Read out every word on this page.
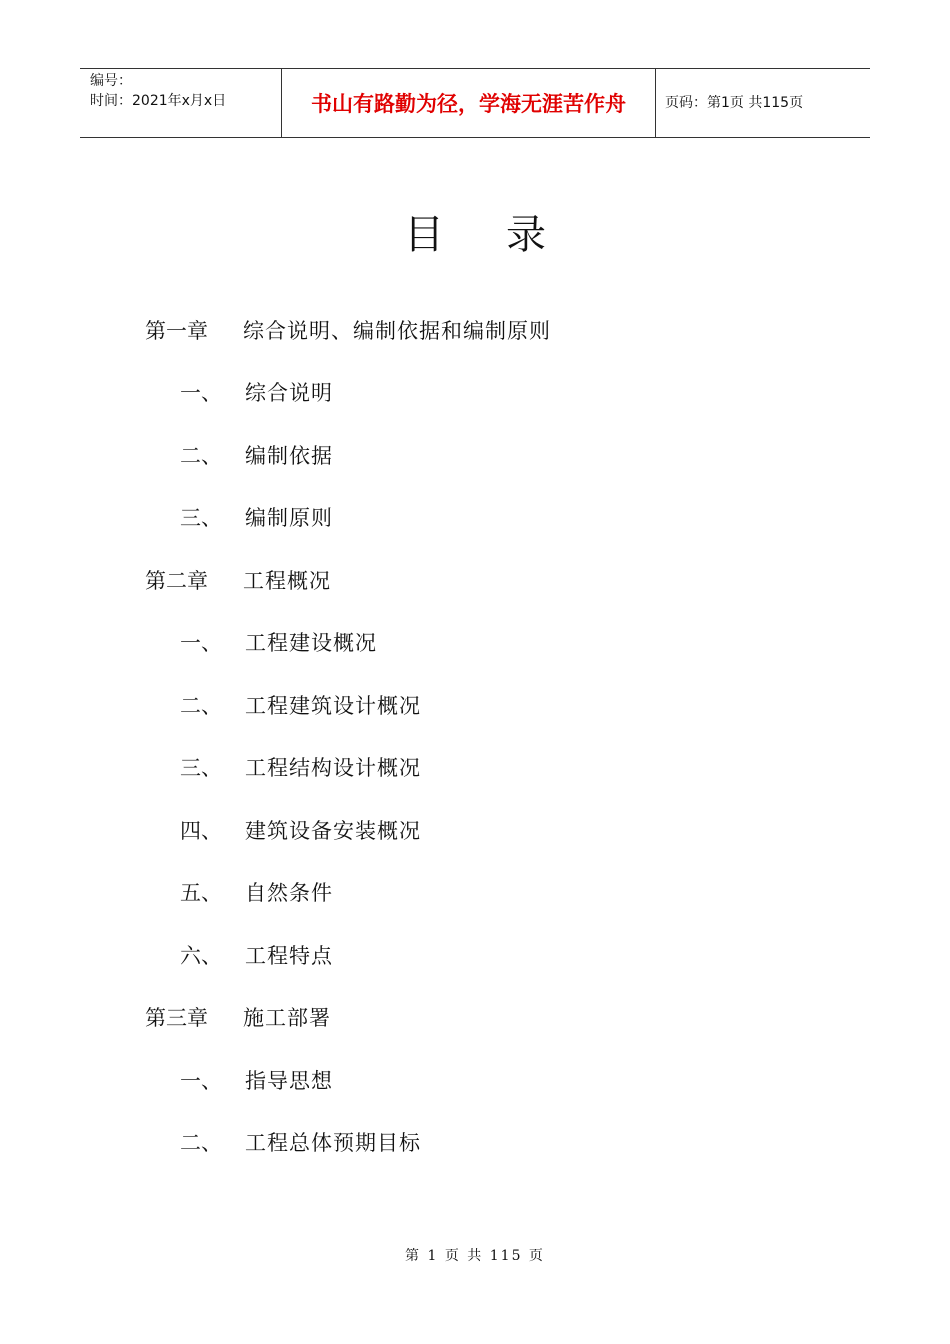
编号：
时间：2021年x月x日	书山有路勤为径，学海无涯苦作舟	页码：第1页 共115页
目录
第一章 综合说明、编制依据和编制原则
一、 综合说明
二、 编制依据
三、 编制原则
第二章 工程概况
一、 工程建设概况
二、 工程建筑设计概况
三、 工程结构设计概况
四、 建筑设备安装概况
五、 自然条件
六、 工程特点
第三章 施工部署
一、 指导思想
二、 工程总体预期目标
第 1 页 共 115 页
